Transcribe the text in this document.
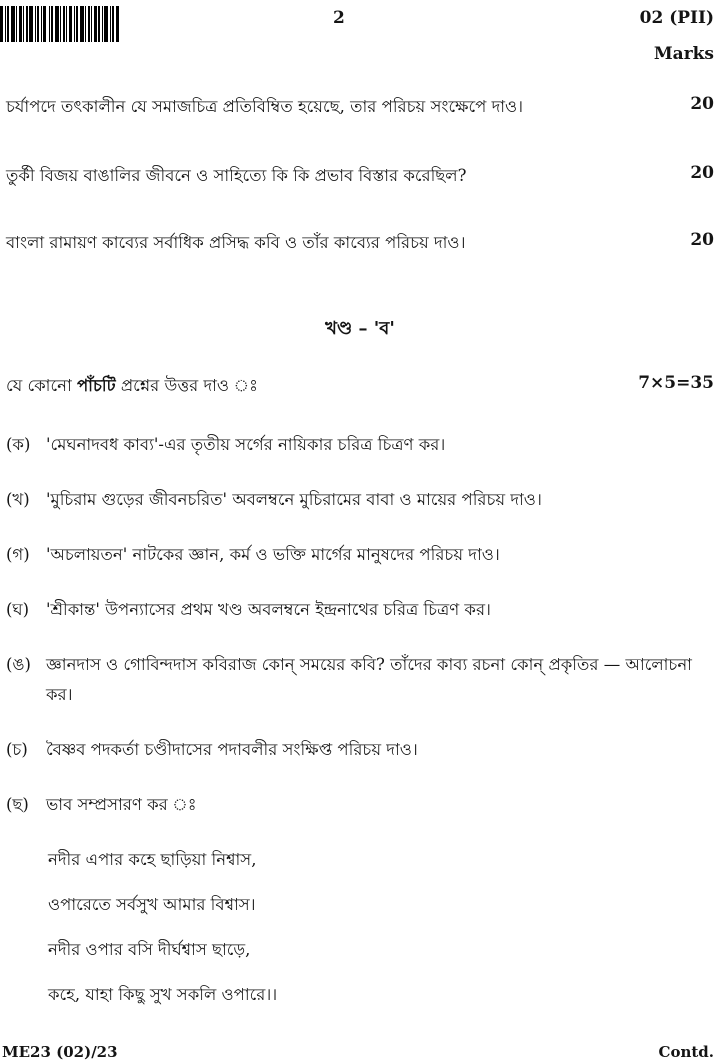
2	02 (PII)
Marks
চর্যাপদে তৎকালীন যে সমাজচিত্র প্রতিবিম্বিত হয়েছে, তার পরিচয় সংক্ষেপে দাও।	20
তুর্কী বিজয় বাঙালির জীবনে ও সাহিত্যে কি কি প্রভাব বিস্তার করেছিল?	20
বাংলা রামায়ণ কাব্যের সর্বাধিক প্রসিদ্ধ কবি ও তাঁর কাব্যের পরিচয় দাও।	20
খণ্ড – 'ব'
যে কোনো পাঁচটি প্রশ্নের উত্তর দাও ঃ	7×5=35
(ক) 'মেঘনাদবধ কাব্য'-এর তৃতীয় সর্গের নায়িকার চরিত্র চিত্রণ কর।
(খ) 'মুচিরাম গুড়ের জীবনচরিত' অবলম্বনে মুচিরামের বাবা ও মায়ের পরিচয় দাও।
(গ) 'অচলায়তন' নাটকের জ্ঞান, কর্ম ও ভক্তি মার্গের মানুষদের পরিচয় দাও।
(ঘ) 'শ্রীকান্ত' উপন্যাসের প্রথম খণ্ড অবলম্বনে ইন্দ্রনাথের চরিত্র চিত্রণ কর।
(ঙ) জ্ঞানদাস ও গোবিন্দদাস কবিরাজ কোন্ সময়ের কবি? তাঁদের কাব্য রচনা কোন্ প্রকৃতির — আলোচনা
কর।
(চ) বৈষ্ণব পদকর্তা চণ্ডীদাসের পদাবলীর সংক্ষিপ্ত পরিচয় দাও।
(ছ) ভাব সম্প্রসারণ কর ঃ
নদীর এপার কহে ছাড়িয়া নিশ্বাস,
ওপারেতে সর্বসুখ আমার বিশ্বাস।
নদীর ওপার বসি দীর্ঘশ্বাস ছাড়ে,
কহে, যাহা কিছু সুখ সকলি ওপারে।।
ME23 (02)/23	Contd.
